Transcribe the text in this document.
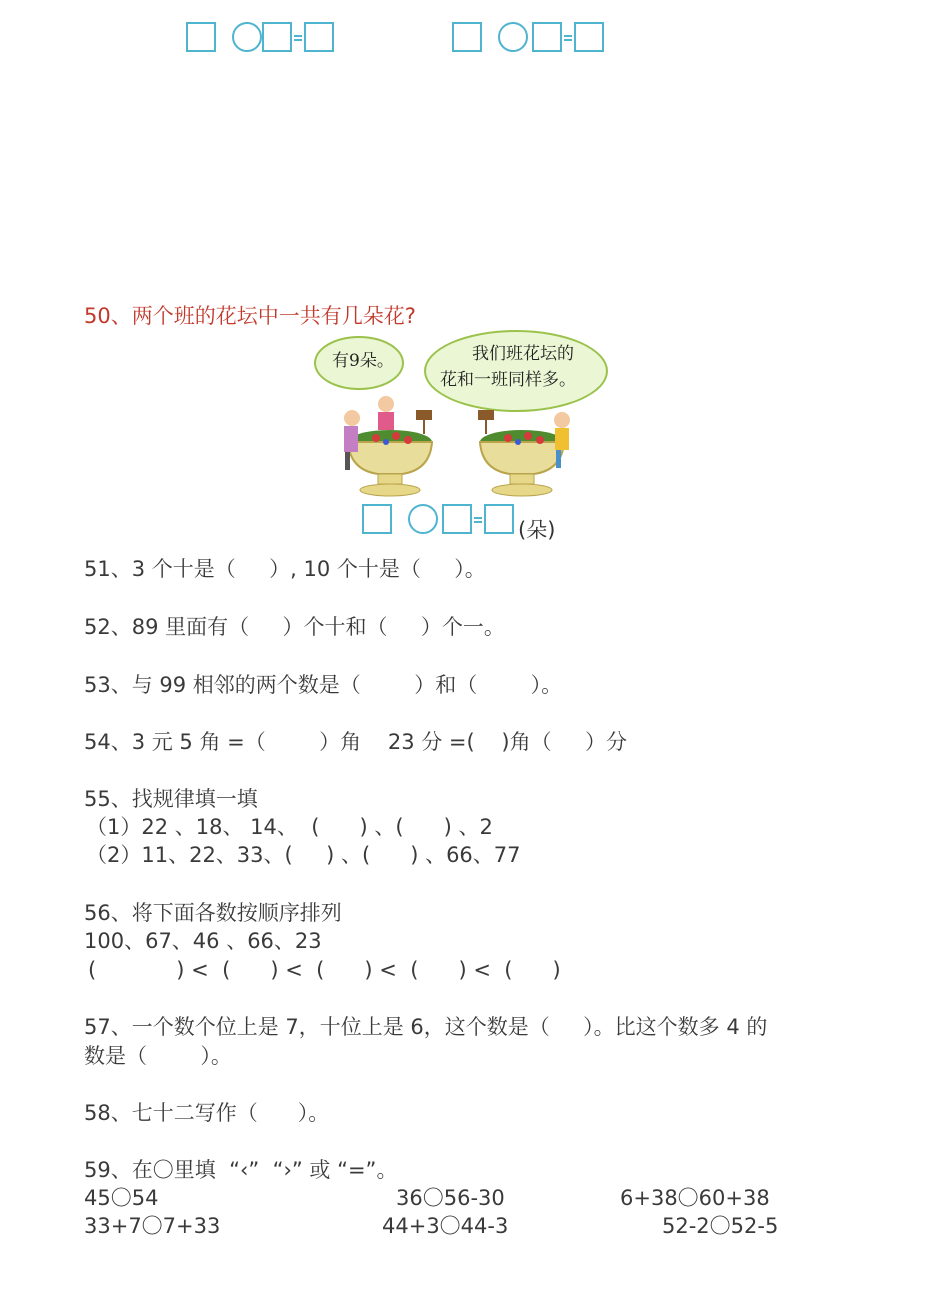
50、两个班的花坛中一共有几朵花?
有9朵。	我们班花坛的
花和一班同样多。
(朵)
51、3 个十是（     ）, 10 个十是（     ）。
52、89 里面有（     ）个十和（     ）个一。
53、与 99 相邻的两个数是（        ）和（        ）。
54、3 元 5 角 =（        ）角    23 分 =(    )角（     ）分
55、找规律填一填
（1）22 、18、 14、  (      ) 、(      ) 、2
（2）11、22、33、(     ) 、(      ) 、66、77
56、将下面各数按顺序排列
100、67、46 、66、23
(            ) <  (      ) <  (      ) <  (      ) <  (      )
57、一个数个位上是 7，十位上是 6，这个数是（     ）。比这个数多 4 的
数是（        ）。
58、七十二写作（      ）。
59、在〇里填  “‹”  “›” 或 “=”。
45〇54	36〇56-30	6+38〇60+38
33+7〇7+33	44+3〇44-3	52-2〇52-5
